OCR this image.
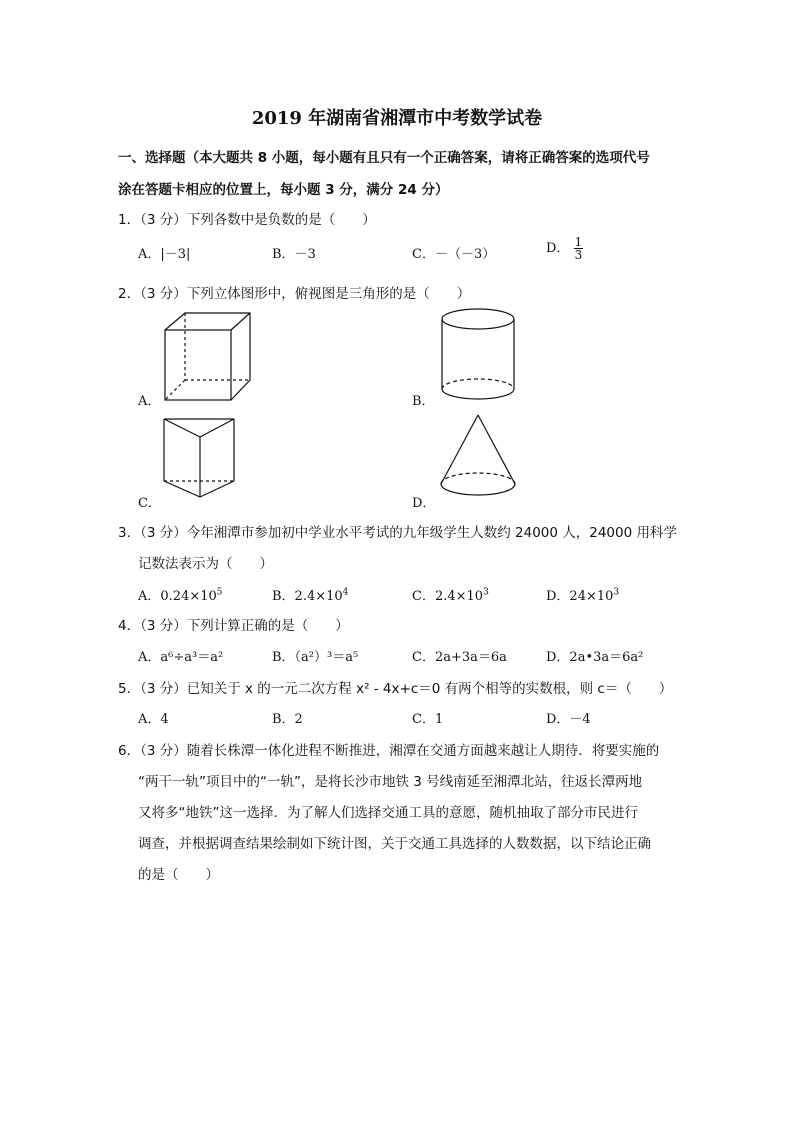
2019 年湖南省湘潭市中考数学试卷
一、选择题（本大题共 8 小题，每小题有且只有一个正确答案，请将正确答案的选项代号
涂在答题卡相应的位置上，每小题 3 分，满分 24 分）
1．（3 分）下列各数中是负数的是（　　）
A．|－3|	B．－3	C．－（－3）	D． $\frac{1}{3}$
2．（3 分）下列立体图形中，俯视图是三角形的是（　　）
A．	B．
C．	D．
3．（3 分）今年湘潭市参加初中学业水平考试的九年级学生人数约 24000 人，24000 用科学
记数法表示为（　　）
A．$0.24\times 10^5$	B．$2.4\times 10^4$	C．$2.4\times 10^3$	D．$24\times 10^3$
4．（3 分）下列计算正确的是（　　）
A．a⁶÷a³＝a²	B．（a²）³＝a⁵	C．2a+3a＝6a	D．2a•3a＝6a²
5．（3 分）已知关于 x 的一元二次方程 x² - 4x+c＝0 有两个相等的实数根，则 c＝（　　）
A．4	B．2	C．1	D．－4
6．（3 分）随着长株潭一体化进程不断推进，湘潭在交通方面越来越让人期待．将要实施的
“两干一轨”项目中的“一轨”，是将长沙市地铁 3 号线南延至湘潭北站，往返长潭两地
又将多“地铁”这一选择．为了解人们选择交通工具的意愿，随机抽取了部分市民进行
调查，并根据调查结果绘制如下统计图，关于交通工具选择的人数数据，以下结论正确
的是（　　）
